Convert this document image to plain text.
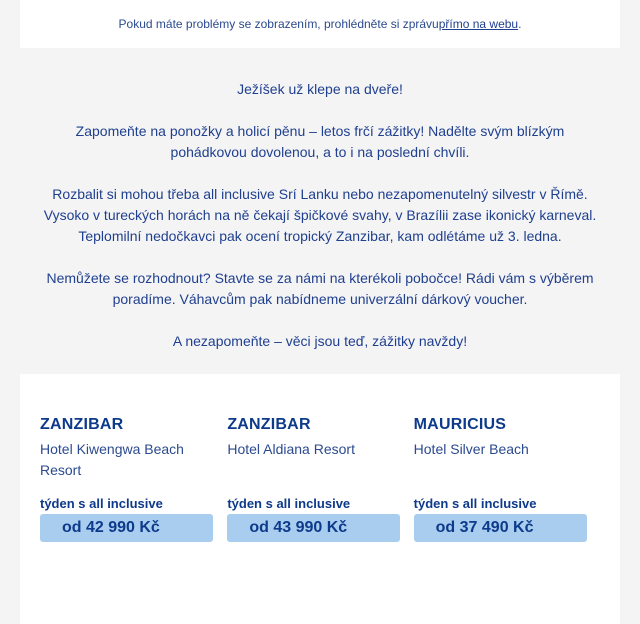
Pokud máte problémy se zobrazením, prohlédněte si zprávu přímo na webu .

Ježíšek už klepe na dveře!

Zapomeňte na ponožky a holicí pěnu – letos frčí zážitky! Nadělte svým blízkým pohádkovou dovolenou, a to i na poslední chvíli.

Rozbalit si mohou třeba all inclusive Srí Lanku nebo nezapomenutelný silvestr v Římě. Vysoko v tureckých horách na ně čekají špičkové svahy, v Brazílii zase ikonický karneval. Teplomilní nedočkavci pak ocení tropický Zanzibar, kam odlétáme už 3. ledna.

Nemůžete se rozhodnout? Stavte se za námi na kterékoli pobočce! Rádi vám s výběrem poradíme. Váhavcům pak nabídneme univerzální dárkový voucher.

A nezapomeňte – věci jsou teď, zážitky navždy!

ZANZIBAR
Hotel Kiwengwa Beach Resort
týden s all inclusive
od 42 990 Kč
ZANZIBAR
Hotel Aldiana Resort
týden s all inclusive
od 43 990 Kč
MAURICIUS
Hotel Silver Beach
týden s all inclusive
od 37 490 Kč
